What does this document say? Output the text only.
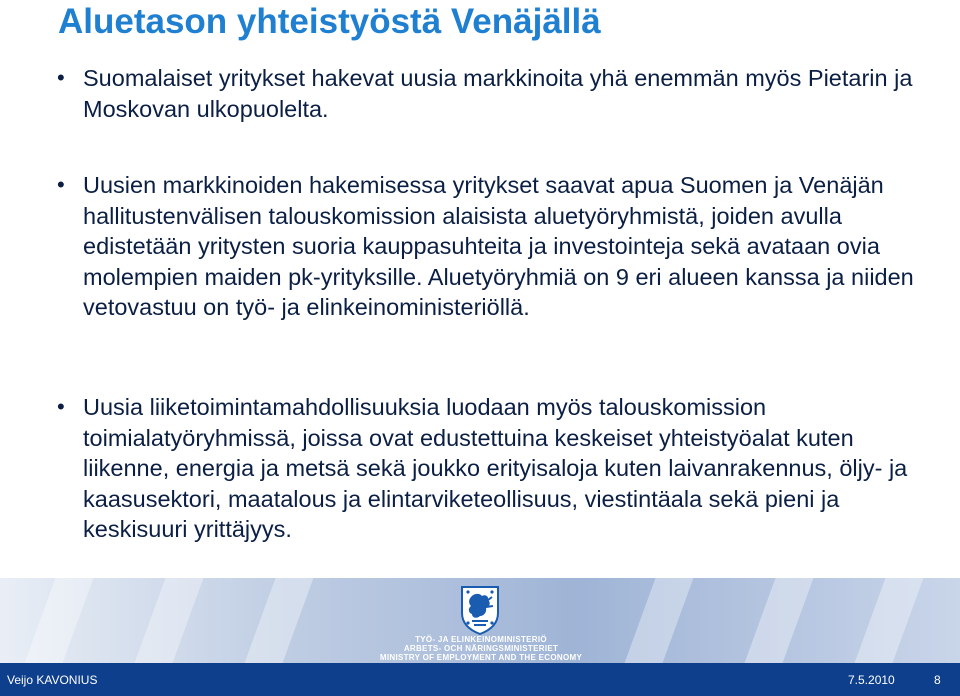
Aluetason yhteistyöstä Venäjällä
• Suomalaiset yritykset hakevat uusia markkinoita yhä enemmän myös Pietarin ja Moskovan ulkopuolelta.
• Uusien markkinoiden hakemisessa yritykset saavat apua Suomen ja Venäjän hallitustenvälisen talouskomission alaisista aluetyöryhmistä, joiden avulla edistetään yritysten suoria kauppasuhteita ja investointeja sekä avataan ovia molempien maiden pk-yrityksille. Aluetyöryhmiä on 9 eri alueen kanssa ja niiden vetovastuu on työ- ja elinkeinoministeriöllä.
• Uusia liiketoimintamahdollisuuksia luodaan myös talouskomission toimialatyöryhmissä, joissa ovat edustettuina keskeiset yhteistyöalat kuten liikenne, energia ja metsä sekä joukko erityisaloja kuten laivanrakennus, öljy- ja kaasusektori, maatalous ja elintarviketeollisuus, viestintäala sekä pieni ja keskisuuri yrittäjyys.
TYÖ- JA ELINKEINOMINISTERIÖ
ARBETS- OCH NÄRINGSMINISTERIET
MINISTRY OF EMPLOYMENT AND THE ECONOMY
Veijo KAVONIUS	7.5.2010	8
